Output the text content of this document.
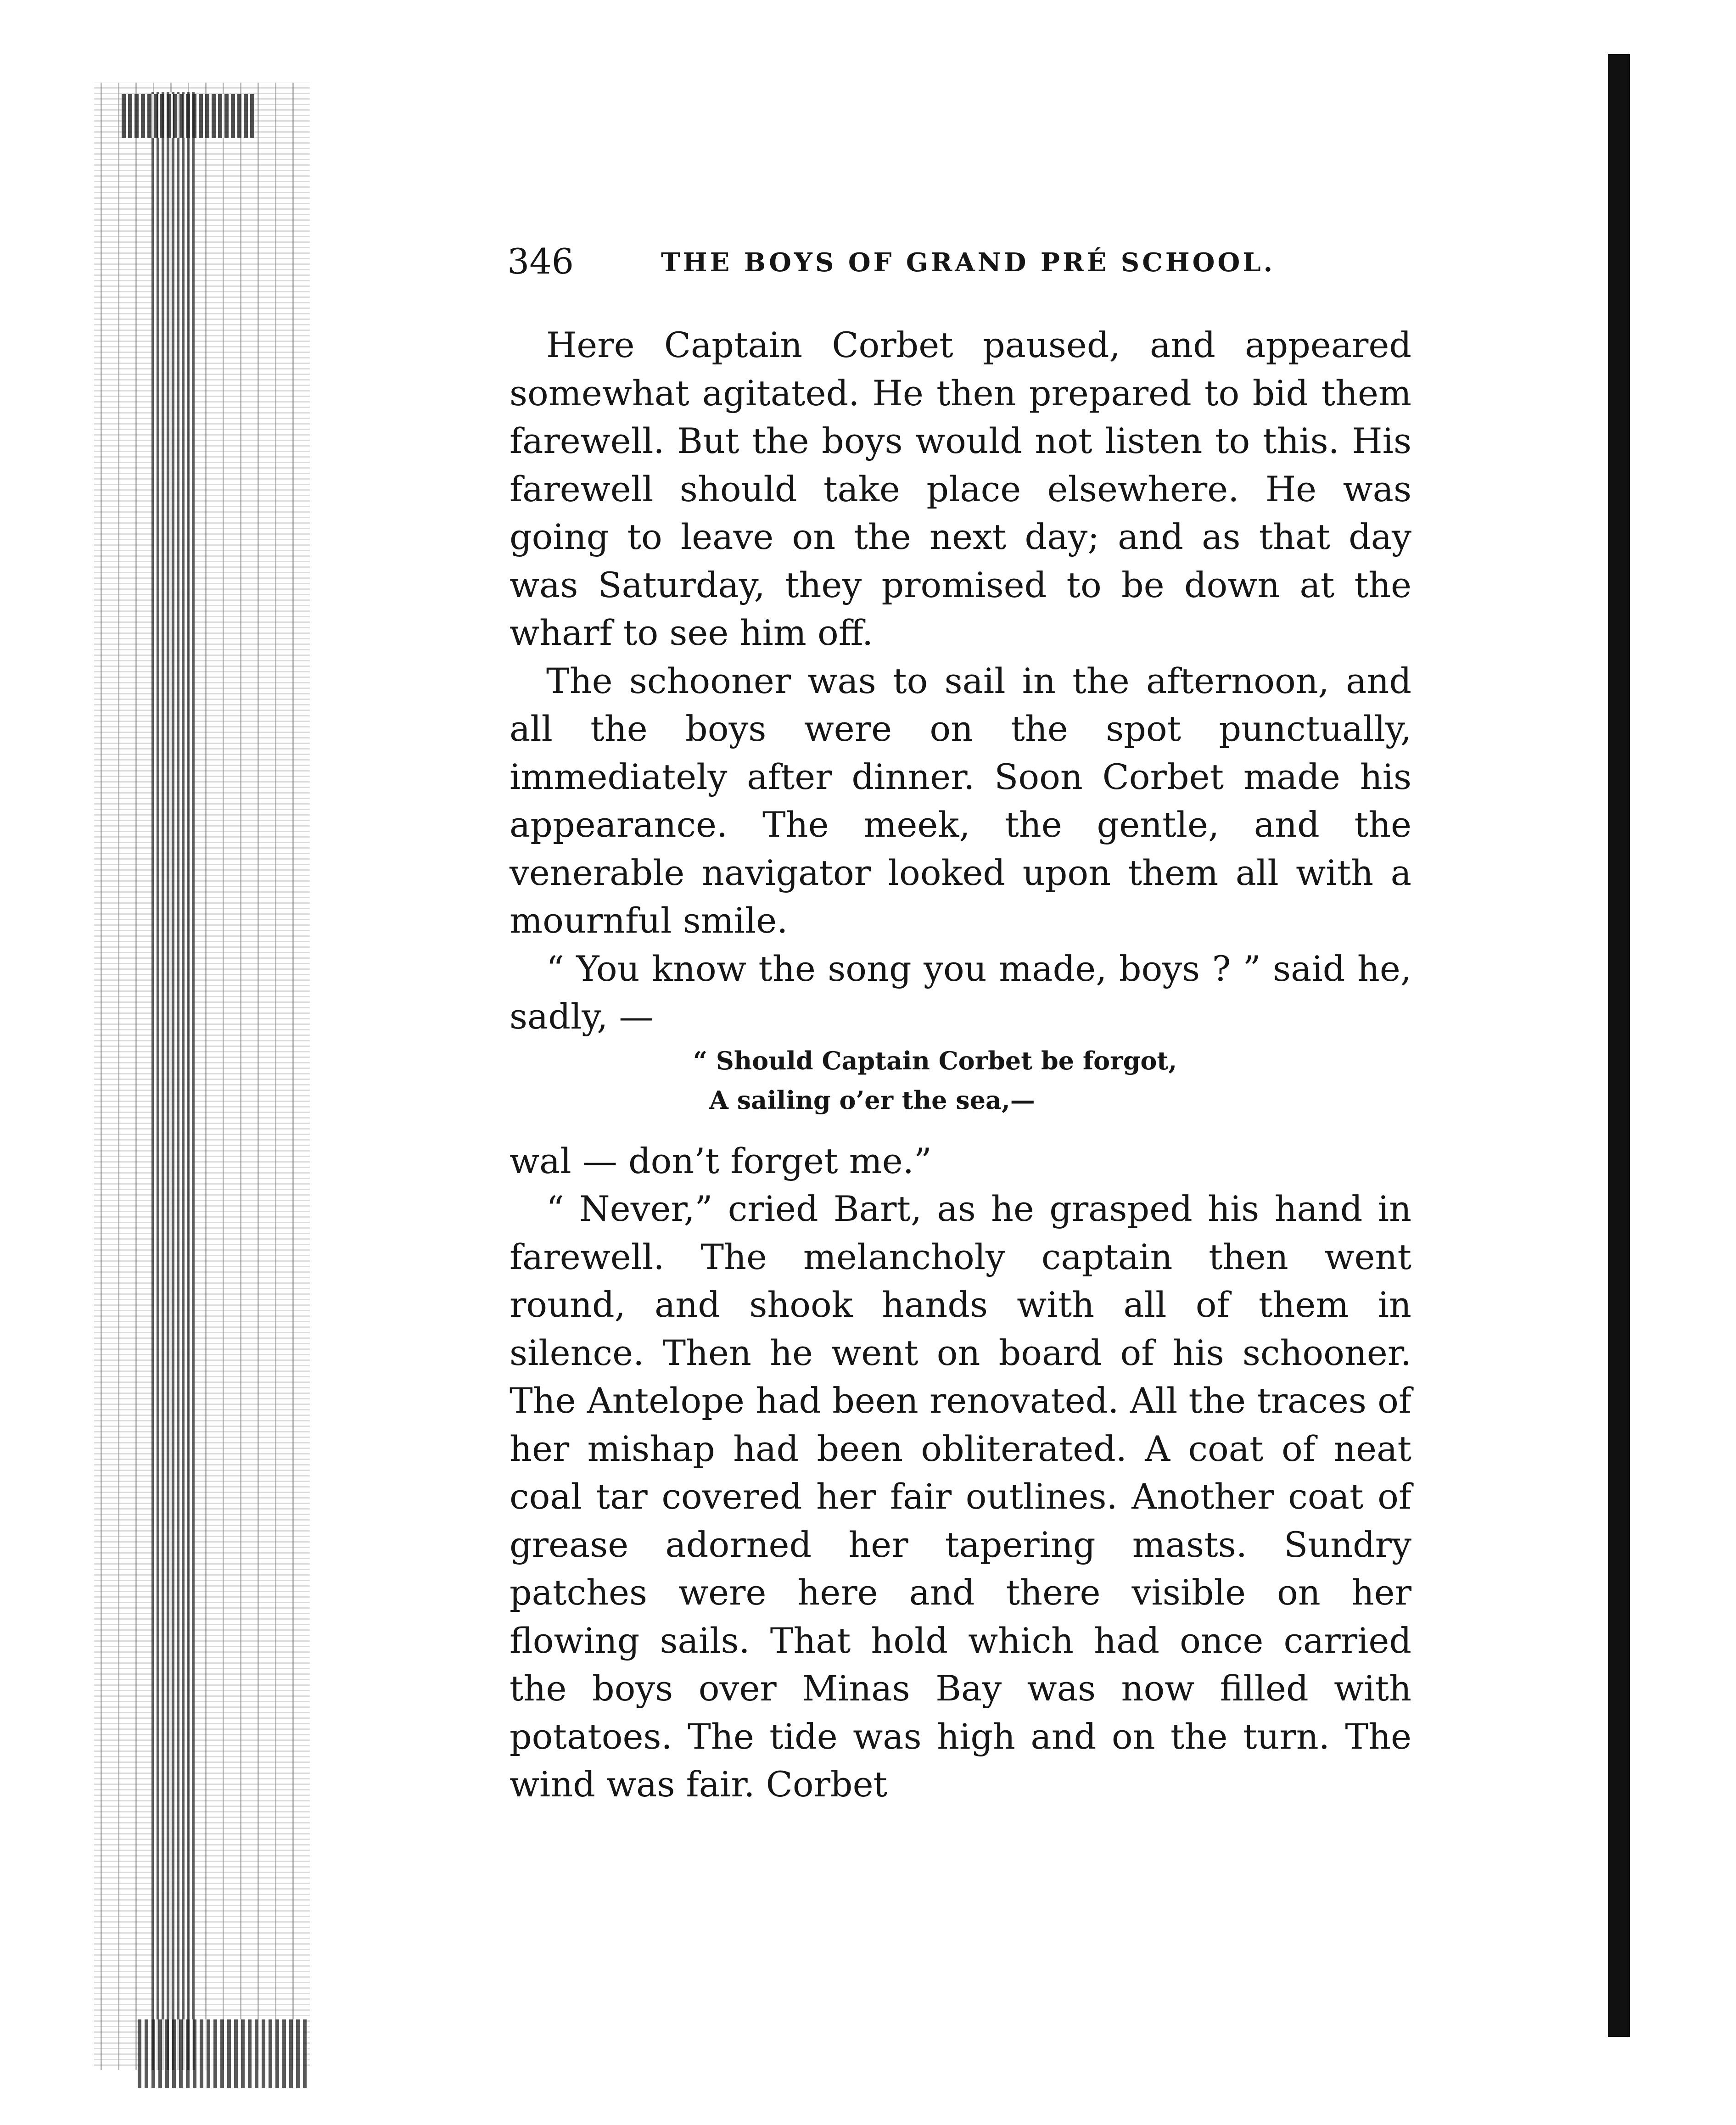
346	THE BOYS OF GRAND PRÉ SCHOOL.

Here Captain Corbet paused, and appeared somewhat agitated. He then prepared to bid them farewell. But the boys would not listen to this. His farewell should take place elsewhere. He was going to leave on the next day; and as that day was Saturday, they promised to be down at the wharf to see him off.

The schooner was to sail in the afternoon, and all the boys were on the spot punctually, immediately after dinner. Soon Corbet made his appearance. The meek, the gentle, and the venerable navigator looked upon them all with a mournful smile.

“ You know the song you made, boys ? ” said he, sadly, —

“ Should Captain Corbet be forgot,
A sailing o’er the sea,—

wal — don’t forget me.”

“ Never,” cried Bart, as he grasped his hand in farewell. The melancholy captain then went round, and shook hands with all of them in silence. Then he went on board of his schooner. The Antelope had been renovated. All the traces of her mishap had been obliterated. A coat of neat coal tar covered her fair outlines. Another coat of grease adorned her tapering masts. Sundry patches were here and there visible on her flowing sails. That hold which had once carried the boys over Minas Bay was now filled with potatoes. The tide was high and on the turn. The wind was fair. Corbet
